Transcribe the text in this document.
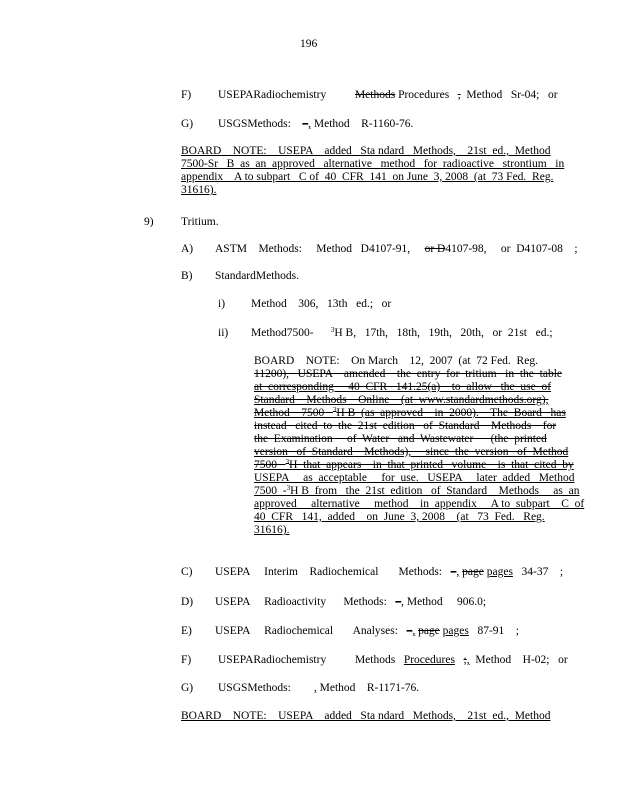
196
F) USEPARadiochemistry	Methods Procedures , Method   Sr-04;   or
G) USGSMethods: –, Method    R-1160-76.
BOARD    NOTE:    USEPA    added   Sta ndard   Methods,    21st  ed.,  Method
7500-Sr   B  as  an  approved   alternative   method   for  radioactive   strontium   in
appendix    A to subpart   C of  40  CFR  141  on June  3, 2008  (at  73 Fed.  Reg.
31616).
9) Tritium.
A) ASTM    Methods:     Method   D4107-91, or D4107-98,     or  D4107-08    ;
B) StandardMethods.
i) Method    306,   13th   ed.;   or
ii) Method7500- $^3$H B,   17th,   18th,   19th,   20th,   or  21st   ed.;
BOARD    NOTE:    On March    12,  2007  (at  72 Fed.  Reg.
11200),   USEPA    amended    the  entry  for  tritium   in  the  table
at  corresponding     40  CFR   141.25(a)    to  allow   the  use  of
Standard    Methods    Online    (at  www.standardmethods.org),
Method    7500   $^3$H B  (as  approved    in  2000).    The  Board   has
instead   cited  to  the  21st  edition   of  Standard    Methods    for
the  Examination     of  Water   and  Wastewater      (the  printed
version   of  Standard    Methods),     since  the  version   of  Method
7500   $^3$H  that  appears    in  that  printed   volume    is  that  cited  by
USEPA     as  acceptable     for  use.   USEPA     later  added   Method
7500  -$^3$H B  from   the  21st  edition   of  Standard    Methods     as  an
approved     alternative     method    in  appendix     A to  subpart    C  of
40  CFR   141,  added    on  June  3, 2008    (at   73  Fed.   Reg.
31616).
C) USEPA     Interim    Radiochemical       Methods:   –, page pages   34-37    ;
D) USEPA     Radioactivity      Methods:   –, Method     906.0;
E) USEPA     Radiochemical       Analyses:   –, page pages   87-91    ;
F) USEPARadiochemistry	Methods Procedures ;, Method    H-02;   or
G) USGSMethods: , Method    R-1171-76.
BOARD    NOTE:    USEPA    added   Sta ndard   Methods,    21st  ed.,  Method
